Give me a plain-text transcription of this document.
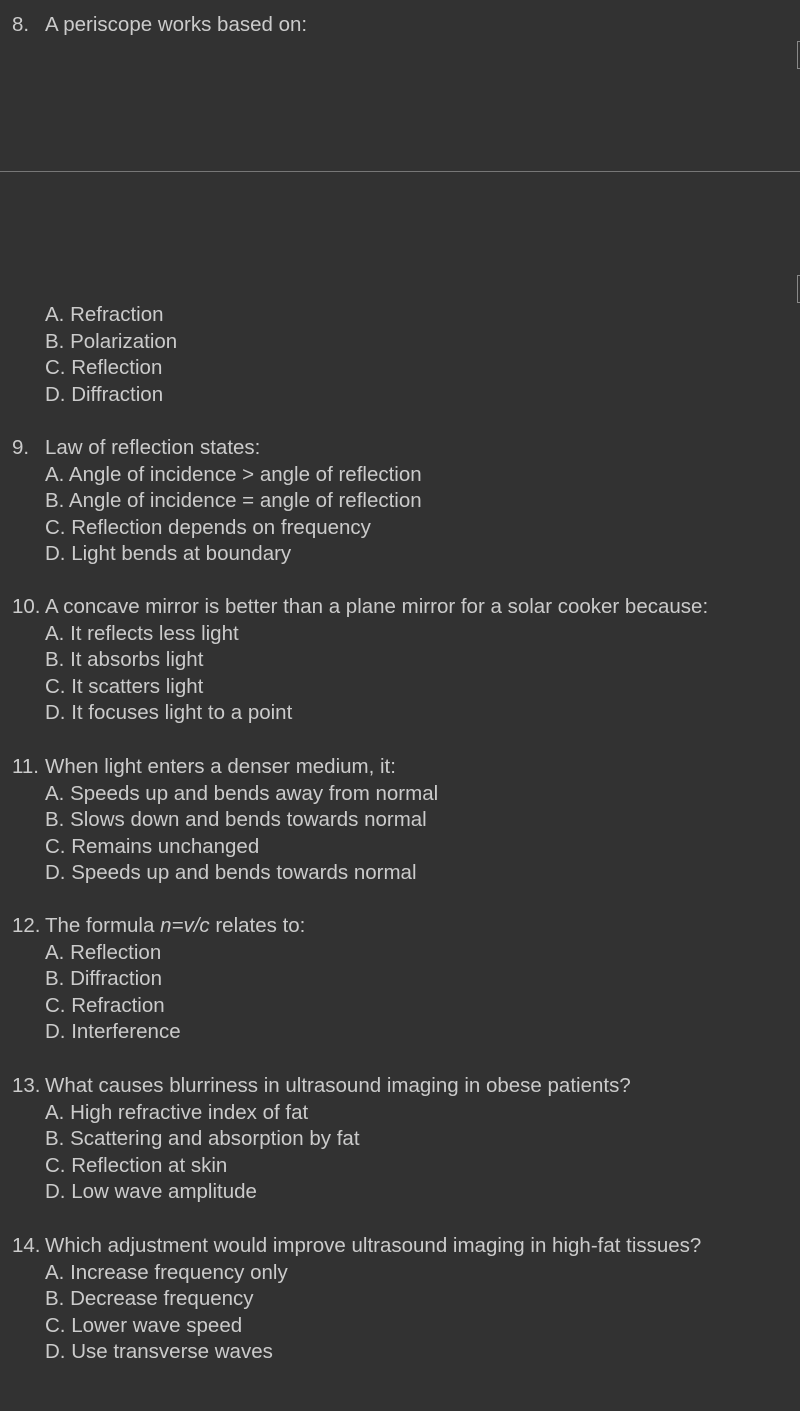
8. A periscope works based on:
A. Refraction
B. Polarization
C. Reflection
D. Diffraction
9. Law of reflection states:
A. Angle of incidence > angle of reflection
B. Angle of incidence = angle of reflection
C. Reflection depends on frequency
D. Light bends at boundary
10. A concave mirror is better than a plane mirror for a solar cooker because:
A. It reflects less light
B. It absorbs light
C. It scatters light
D. It focuses light to a point
11. When light enters a denser medium, it:
A. Speeds up and bends away from normal
B. Slows down and bends towards normal
C. Remains unchanged
D. Speeds up and bends towards normal
12. The formula n=v/c relates to:
A. Reflection
B. Diffraction
C. Refraction
D. Interference
13. What causes blurriness in ultrasound imaging in obese patients?
A. High refractive index of fat
B. Scattering and absorption by fat
C. Reflection at skin
D. Low wave amplitude
14. Which adjustment would improve ultrasound imaging in high-fat tissues?
A. Increase frequency only
B. Decrease frequency
C. Lower wave speed
D. Use transverse waves
